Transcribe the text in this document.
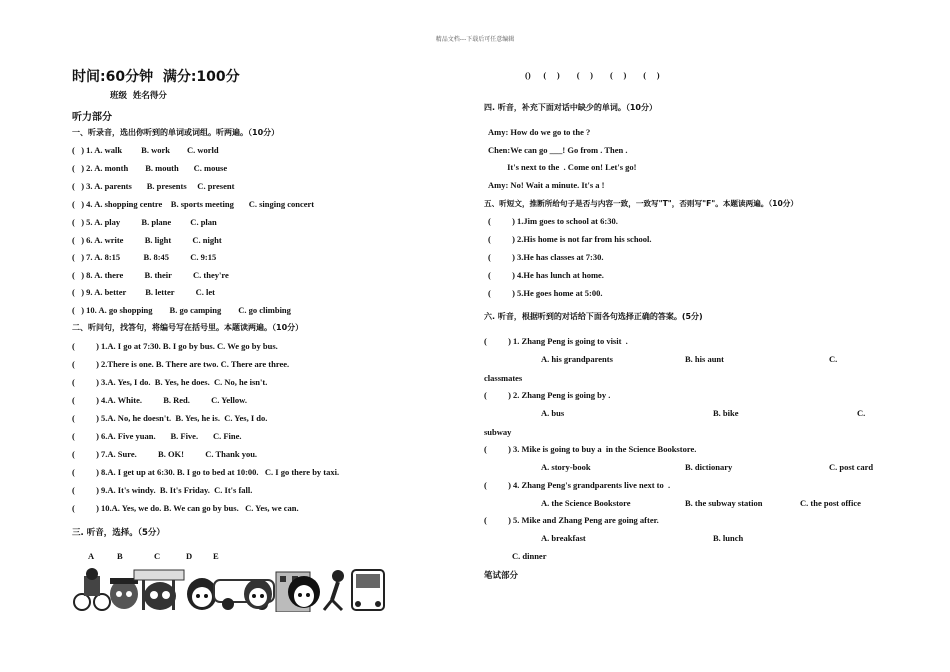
精品文档---下载后可任意编辑
时间:60分钟  满分:100分
班级  姓名得分
听力部分
一、听录音，选出你听到的单词或词组。听两遍。（10分）
(   ) 1. A. walk         B. work        C. world
(   ) 2. A. month        B. mouth       C. mouse
(   ) 3. A. parents       B. presents     C. present
(   ) 4. A. shopping centre    B. sports meeting       C. singing concert
(   ) 5. A. play          B. plane         C. plan
(   ) 6. A. write          B. light          C. night
(   ) 7. A. 8:15           B. 8:45          C. 9:15
(   ) 8. A. there          B. their          C. they're
(   ) 9. A. better         B. letter          C. let
(   ) 10. A. go shopping        B. go camping        C. go climbing
二、听问句，找答句，将编号写在括号里。本题读两遍。（10分）
(          ) 1.A. I go at 7:30. B. I go by bus. C. We go by bus.
(          ) 2.There is one. B. There are two. C. There are three.
(          ) 3.A. Yes, I do.  B. Yes, he does.  C. No, he isn't.
(          ) 4.A. White.          B. Red.          C. Yellow.
(          ) 5.A. No, he doesn't.  B. Yes, he is.  C. Yes, I do.
(          ) 6.A. Five yuan.       B. Five.       C. Fine.
(          ) 7.A. Sure.          B. OK!          C. Thank you.
(          ) 8.A. I get up at 6:30. B. I go to bed at 10:00.   C. I go there by taxi.
(          ) 9.A. It's windy.  B. It's Friday.  C. It's fall.
(          ) 10.A. Yes, we do. B. We can go by bus.   C. Yes, we can.
三. 听音，选择。（5分）
A	B	C	D E
()      (     )        (     )        (     )        (     )
四. 听音，补充下面对话中缺少的单词。（10分）
Amy: How do we go to the ?
Chen:We can go ___! Go from . Then .
It's next to the  . Come on! Let's go!
Amy: No! Wait a minute. It's a !
五、听短文，推断所给句子是否与内容一致，一致写"T"，否则写"F"。本题读两遍。（10分）
(          ) 1.Jim goes to school at 6:30.
(          ) 2.His home is not far from his school.
(          ) 3.He has classes at 7:30.
(          ) 4.He has lunch at home.
(          ) 5.He goes home at 5:00.
六. 听音，根据听到的对话给下面各句选择正确的答案。(5分)
(          ) 1. Zhang Peng is going to visit  .
A. his grandparents	B. his aunt	C.
classmates
(          ) 2. Zhang Peng is going by .
A. bus	B. bike	C.
subway
(          ) 3. Mike is going to buy a  in the Science Bookstore.
A. story-book	B. dictionary	C. post card
(          ) 4. Zhang Peng's grandparents live next to  .
A. the Science Bookstore	B. the subway station	C. the post office
(          ) 5. Mike and Zhang Peng are going after.
A. breakfast	B. lunch
C. dinner
笔试部分
